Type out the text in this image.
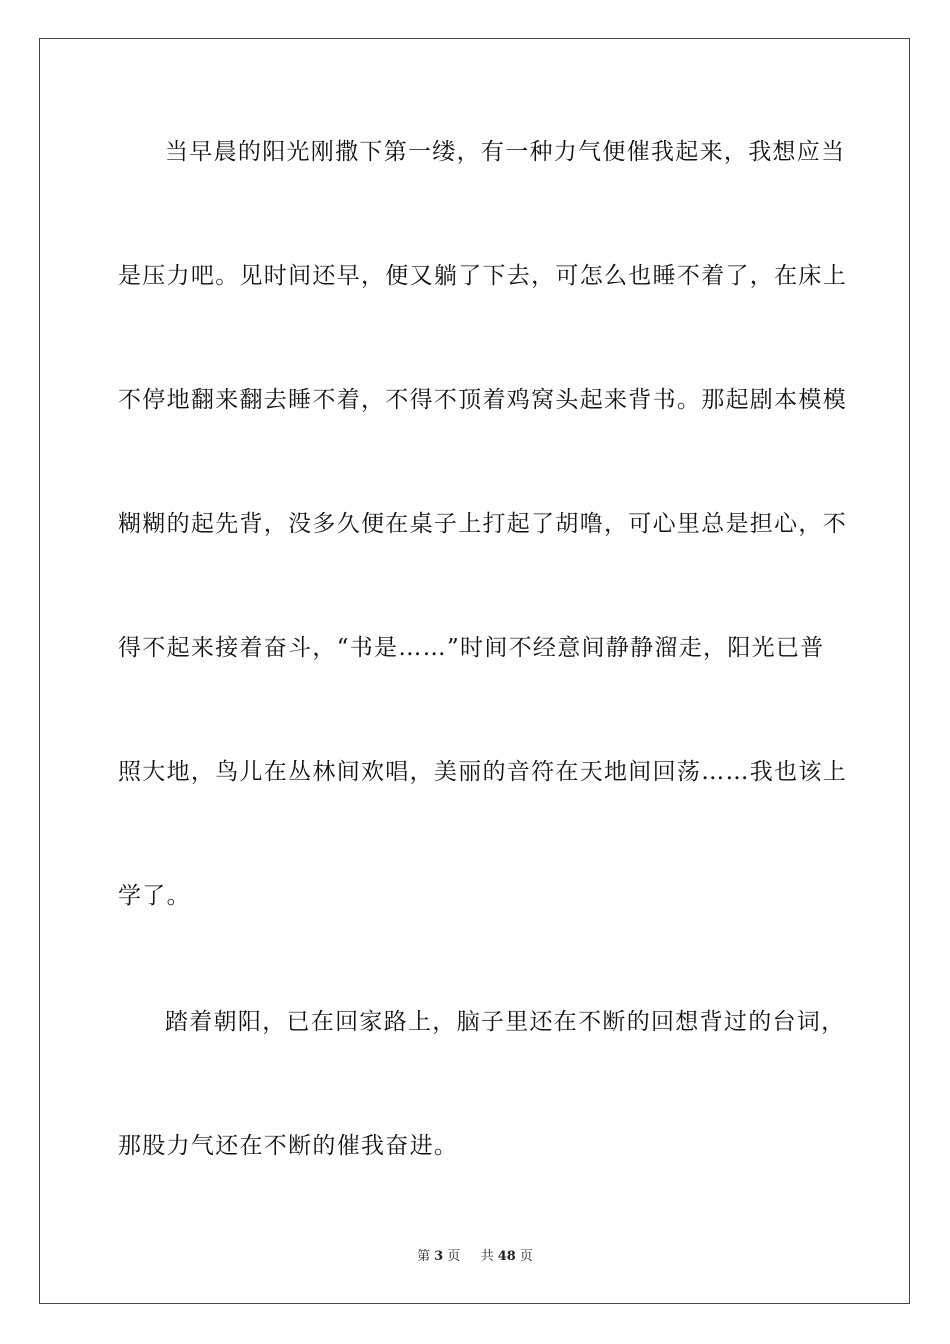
当早晨的阳光刚撒下第一缕，有一种力气便催我起来，我想应当
是压力吧。见时间还早，便又躺了下去，可怎么也睡不着了，在床上
不停地翻来翻去睡不着，不得不顶着鸡窝头起来背书。那起剧本模模
糊糊的起先背，没多久便在桌子上打起了胡噜，可心里总是担心，不
得不起来接着奋斗，“书是……”时间不经意间静静溜走，阳光已普
照大地，鸟儿在丛林间欢唱，美丽的音符在天地间回荡……我也该上
学了。
踏着朝阳，已在回家路上，脑子里还在不断的回想背过的台词，
那股力气还在不断的催我奋进。
第 3 页 共 48 页
